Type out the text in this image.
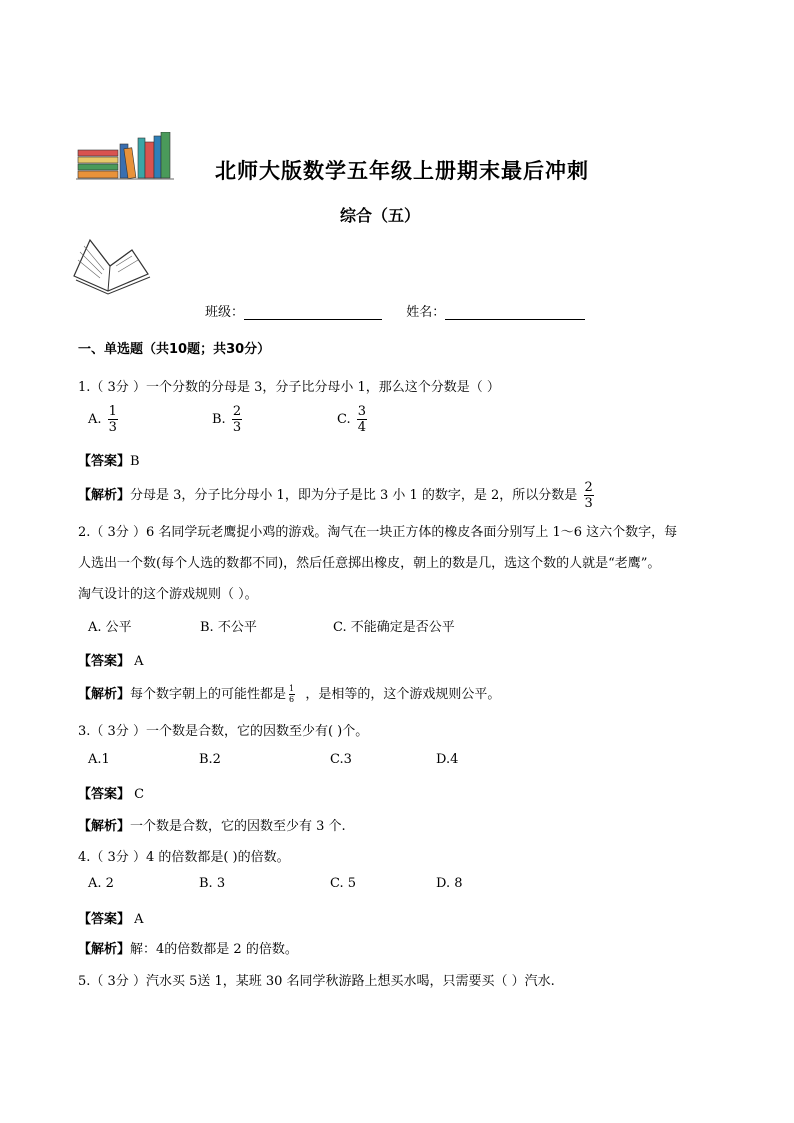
北师大版数学五年级上册期末最后冲刺
综合（五）
班级：	姓名：
一、单选题（共10题；共30分）
1.（ 3分 ）一个分数的分母是 3，分子比分母小 1，那么这个分数是（ ）
A. $\frac{1}{3}$	B. $\frac{2}{3}$	C. $\frac{3}{4}$
【答案】B
【解析】分母是 3，分子比分母小 1，即为分子是比 3 小 1 的数字，是 2，所以分数是 $\frac{2}{3}$
2.（ 3分 ）6 名同学玩老鹰捉小鸡的游戏。淘气在一块正方体的橡皮各面分别写上 1～6 这六个数字，每
人选出一个数(每个人选的数都不同)，然后任意掷出橡皮，朝上的数是几，选这个数的人就是“老鹰”。
淘气设计的这个游戏规则（ ）。
A. 公平	B. 不公平	C. 不能确定是否公平
【答案】 A
【解析】每个数字朝上的可能性都是 $\frac{1}{6}$ ，是相等的，这个游戏规则公平。
3.（ 3分 ）一个数是合数，它的因数至少有( )个。
A.1	B.2	C.3	D.4
【答案】 C
【解析】一个数是合数，它的因数至少有 3 个.
4.（ 3分 ）4 的倍数都是( )的倍数。
A. 2	B. 3	C. 5	D. 8
【答案】 A
【解析】解：4的倍数都是 2 的倍数。
5.（ 3分 ）汽水买 5送 1，某班 30 名同学秋游路上想买水喝，只需要买（ ）汽水.
